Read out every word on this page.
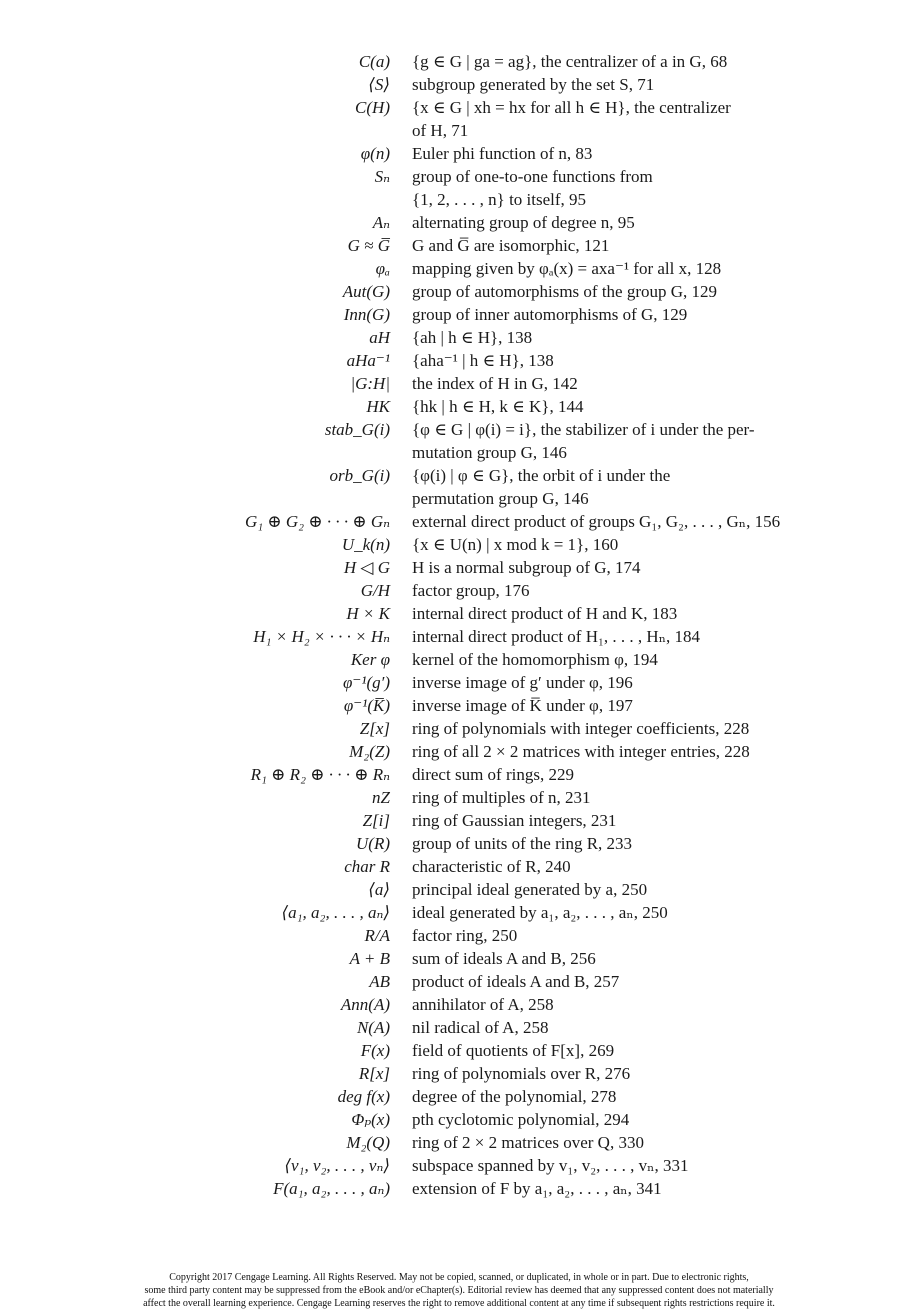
C(a) {g ∈ G | ga = ag}, the centralizer of a in G, 68
⟨S⟩ subgroup generated by the set S, 71
C(H) {x ∈ G | xh = hx for all h ∈ H}, the centralizer
of H, 71
φ(n) Euler phi function of n, 83
Sₙ group of one-to-one functions from
{1, 2, . . . , n} to itself, 95
Aₙ alternating group of degree n, 95
G ≈ G̅ G and G̅ are isomorphic, 121
φₐ mapping given by φₐ(x) = axa⁻¹ for all x, 128
Aut(G) group of automorphisms of the group G, 129
Inn(G) group of inner automorphisms of G, 129
aH {ah | h ∈ H}, 138
aHa⁻¹ {aha⁻¹ | h ∈ H}, 138
|G:H| the index of H in G, 142
HK {hk | h ∈ H, k ∈ K}, 144
stab_G(i) {φ ∈ G | φ(i) = i}, the stabilizer of i under the per-
mutation group G, 146
orb_G(i) {φ(i) | φ ∈ G}, the orbit of i under the
permutation group G, 146
G₁ ⊕ G₂ ⊕ · · · ⊕ Gₙ external direct product of groups G₁, G₂, . . . , Gₙ, 156
U_k(n) {x ∈ U(n) | x mod k = 1}, 160
H ◁ G H is a normal subgroup of G, 174
G/H factor group, 176
H × K internal direct product of H and K, 183
H₁ × H₂ × · · · × Hₙ internal direct product of H₁, . . . , Hₙ, 184
Ker φ kernel of the homomorphism φ, 194
φ⁻¹(g′) inverse image of g′ under φ, 196
φ⁻¹(K̅) inverse image of K̅ under φ, 197
Z[x] ring of polynomials with integer coefficients, 228
M₂(Z) ring of all 2 × 2 matrices with integer entries, 228
R₁ ⊕ R₂ ⊕ · · · ⊕ Rₙ direct sum of rings, 229
nZ ring of multiples of n, 231
Z[i] ring of Gaussian integers, 231
U(R) group of units of the ring R, 233
char R characteristic of R, 240
⟨a⟩ principal ideal generated by a, 250
⟨a₁, a₂, . . . , aₙ⟩ ideal generated by a₁, a₂, . . . , aₙ, 250
R/A factor ring, 250
A + B sum of ideals A and B, 256
AB product of ideals A and B, 257
Ann(A) annihilator of A, 258
N(A) nil radical of A, 258
F(x) field of quotients of F[x], 269
R[x] ring of polynomials over R, 276
deg f(x) degree of the polynomial, 278
Φₚ(x) pth cyclotomic polynomial, 294
M₂(Q) ring of 2 × 2 matrices over Q, 330
⟨v₁, v₂, . . . , vₙ⟩ subspace spanned by v₁, v₂, . . . , vₙ, 331
F(a₁, a₂, . . . , aₙ) extension of F by a₁, a₂, . . . , aₙ, 341
Copyright 2017 Cengage Learning. All Rights Reserved. May not be copied, scanned, or duplicated, in whole or in part. Due to electronic rights,
some third party content may be suppressed from the eBook and/or eChapter(s). Editorial review has deemed that any suppressed content does not materially
affect the overall learning experience. Cengage Learning reserves the right to remove additional content at any time if subsequent rights restrictions require it.
